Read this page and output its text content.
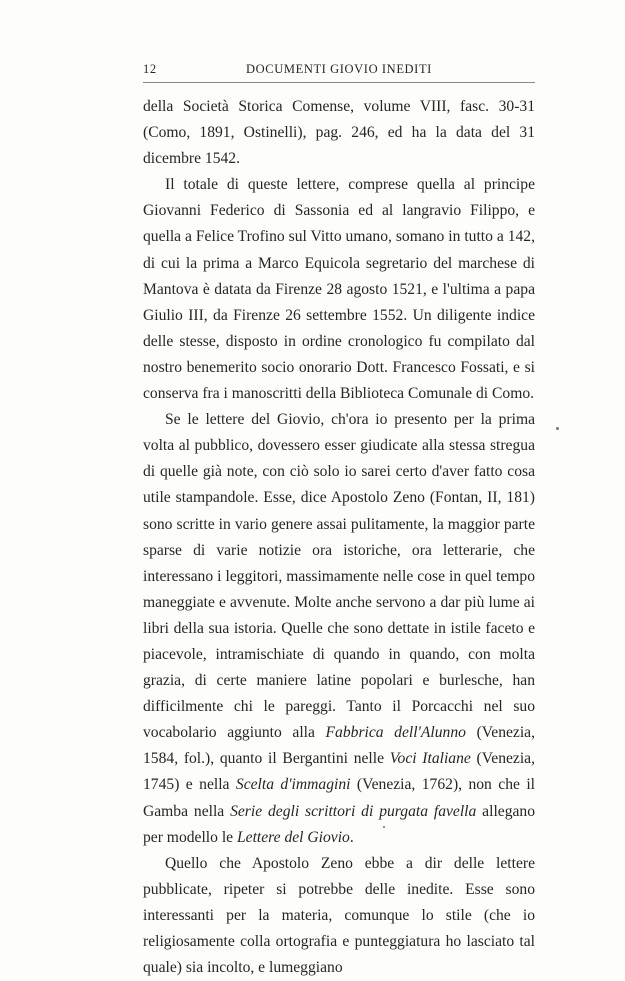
12	DOCUMENTI GIOVIO INEDITI

della Società Storica Comense, volume VIII, fasc. 30-31 (Como, 1891, Ostinelli), pag. 246, ed ha la data del 31 dicembre 1542.

Il totale di queste lettere, comprese quella al principe Giovanni Federico di Sassonia ed al langravio Filippo, e quella a Felice Trofino sul Vitto umano, somano in tutto a 142, di cui la prima a Marco Equicola segretario del marchese di Mantova è datata da Firenze 28 agosto 1521, e l'ultima a papa Giulio III, da Firenze 26 settembre 1552. Un diligente indice delle stesse, disposto in ordine cronologico fu compilato dal nostro benemerito socio onorario Dott. Francesco Fossati, e si conserva fra i manoscritti della Biblioteca Comunale di Como.

Se le lettere del Giovio, ch'ora io presento per la prima volta al pubblico, dovessero esser giudicate alla stessa stregua di quelle già note, con ciò solo io sarei certo d'aver fatto cosa utile stampandole. Esse, dice Apostolo Zeno (Fontan, II, 181) sono scritte in vario genere assai pulitamente, la maggior parte sparse di varie notizie ora istoriche, ora letterarie, che interessano i leggitori, massimamente nelle cose in quel tempo maneggiate e avvenute. Molte anche servono a dar più lume ai libri della sua istoria. Quelle che sono dettate in istile faceto e piacevole, intramischiate di quando in quando, con molta grazia, di certe maniere latine popolari e burlesche, han difficilmente chi le pareggi. Tanto il Porcacchi nel suo vocabolario aggiunto alla Fabbrica dell'Alunno (Venezia, 1584, fol.), quanto il Bergantini nelle Voci Italiane (Venezia, 1745) e nella Scelta d'immagini (Venezia, 1762), non che il Gamba nella Serie degli scrittori di purgata favella allegano per modello le Lettere del Giovio.

Quello che Apostolo Zeno ebbe a dir delle lettere pubblicate, ripeter si potrebbe delle inedite. Esse sono interessanti per la materia, comunque lo stile (che io religiosamente colla ortografia e punteggiatura ho lasciato tal quale) sia incolto, e lumeggiano
